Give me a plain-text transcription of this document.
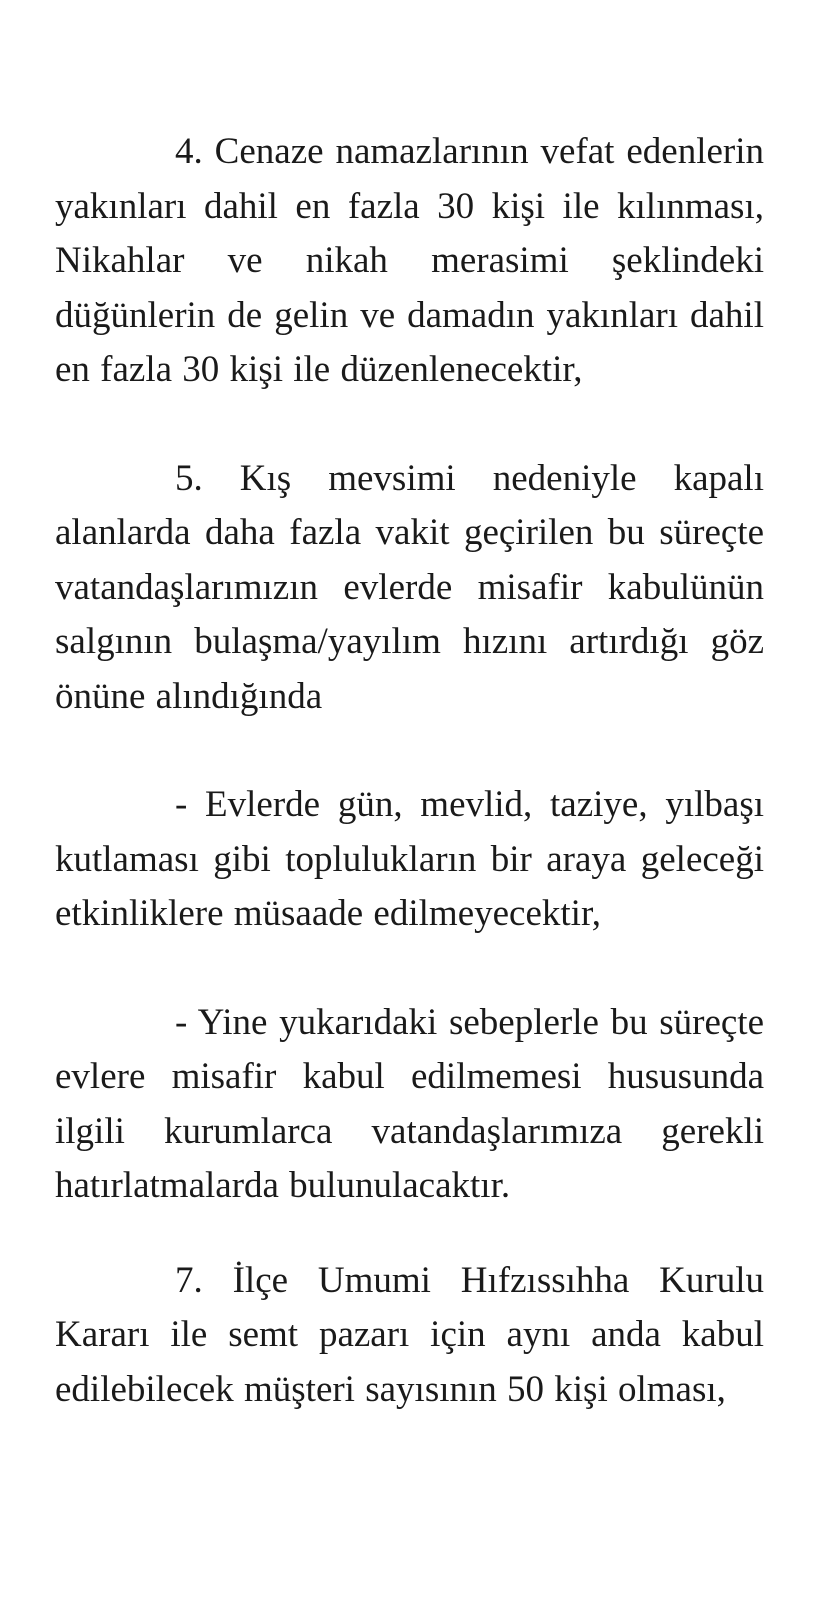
4. Cenaze namazlarının vefat edenlerin yakınları dahil en fazla 30 kişi ile kılınması, Nikahlar ve nikah merasimi şeklindeki düğünlerin de gelin ve damadın yakınları dahil en fazla 30 kişi ile düzenlenecektir,

5. Kış mevsimi nedeniyle kapalı alanlarda daha fazla vakit geçirilen bu süreçte vatandaşlarımızın evlerde misafir kabulünün salgının bulaşma/yayılım hızını artırdığı göz önüne alındığında

- Evlerde gün, mevlid, taziye, yılbaşı kutlaması gibi toplulukların bir araya geleceği etkinliklere müsaade edilmeyecektir,

- Yine yukarıdaki sebeplerle bu süreçte evlere misafir kabul edilmemesi hususunda ilgili kurumlarca vatandaşlarımıza gerekli hatırlatmalarda bulunulacaktır.

7. İlçe Umumi Hıfzıssıhha Kurulu Kararı ile semt pazarı için aynı anda kabul edilebilecek müşteri sayısının 50 kişi olması,
